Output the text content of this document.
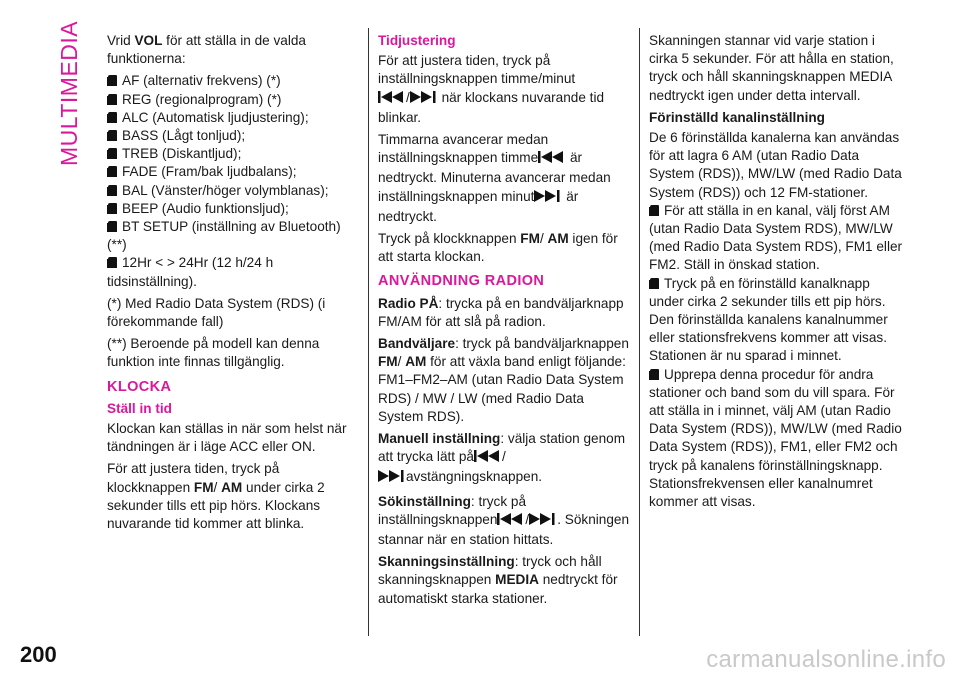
MULTIMEDIA
200	carmanualsonline.info

Vrid VOL för att ställa in de valda funktionerna:

AF (alternativ frekvens) (*)

REG (regionalprogram) (*)

ALC (Automatisk ljudjustering);

BASS (Lågt tonljud);

TREB (Diskantljud);

FADE (Fram/bak ljudbalans);

BAL (Vänster/höger volymblanas);

BEEP (Audio funktionsljud);

BT SETUP (inställning av Bluetooth) (**)

12Hr < > 24Hr (12 h/24 h tidsinställning).

(*) Med Radio Data System (RDS) (i förekommande fall)

(**) Beroende på modell kan denna funktion inte finnas tillgänglig.

KLOCKA
Ställ in tid

Klockan kan ställas in när som helst när tändningen är i läge ACC eller ON.

För att justera tiden, tryck på klockknappen FM/ AM under cirka 2 sekunder tills ett pip hörs. Klockans nuvarande tid kommer att blinka.

Tidjustering

För att justera tiden, tryck på inställningsknappen timme/minut
/ när klockans nuvarande tid blinkar.

Timmarna avancerar medan inställningsknappen timme är nedtryckt. Minuterna avancerar medan inställningsknappen minut är nedtryckt.

Tryck på klockknappen FM/ AM igen för att starta klockan.

ANVÄNDNING RADION

Radio PÅ: trycka på en bandväljarknapp FM/AM för att slå på radion.

Bandväljare: tryck på bandväljarknappen FM/ AM för att växla band enligt följande: FM1–FM2–AM (utan Radio Data System RDS) / MW / LW (med Radio Data System RDS).

Manuell inställning: välja station genom att trycka lätt på /
avstängningsknappen.

Sökinställning: tryck på inställningsknappen / . Sökningen stannar när en station hittats.

Skanningsinställning: tryck och håll skanningsknappen MEDIA nedtryckt för automatiskt starka stationer.

Skanningen stannar vid varje station i cirka 5 sekunder. För att hålla en station, tryck och håll skanningsknappen MEDIA nedtryckt igen under detta intervall.

Förinställd kanalinställning

De 6 förinställda kanalerna kan användas för att lagra 6 AM (utan Radio Data System (RDS)), MW/LW (med Radio Data System (RDS)) och 12 FM-stationer.

För att ställa in en kanal, välj först AM (utan Radio Data System RDS), MW/LW (med Radio Data System RDS), FM1 eller FM2. Ställ in önskad station.

Tryck på en förinställd kanalknapp under cirka 2 sekunder tills ett pip hörs. Den förinställda kanalens kanalnummer eller stationsfrekvens kommer att visas. Stationen är nu sparad i minnet.

Upprepa denna procedur för andra stationer och band som du vill spara. För att ställa in i minnet, välj AM (utan Radio Data System (RDS)), MW/LW (med Radio Data System (RDS)), FM1, eller FM2 och tryck på kanalens förinställningsknapp.

Stationsfrekvensen eller kanalnumret kommer att visas.
